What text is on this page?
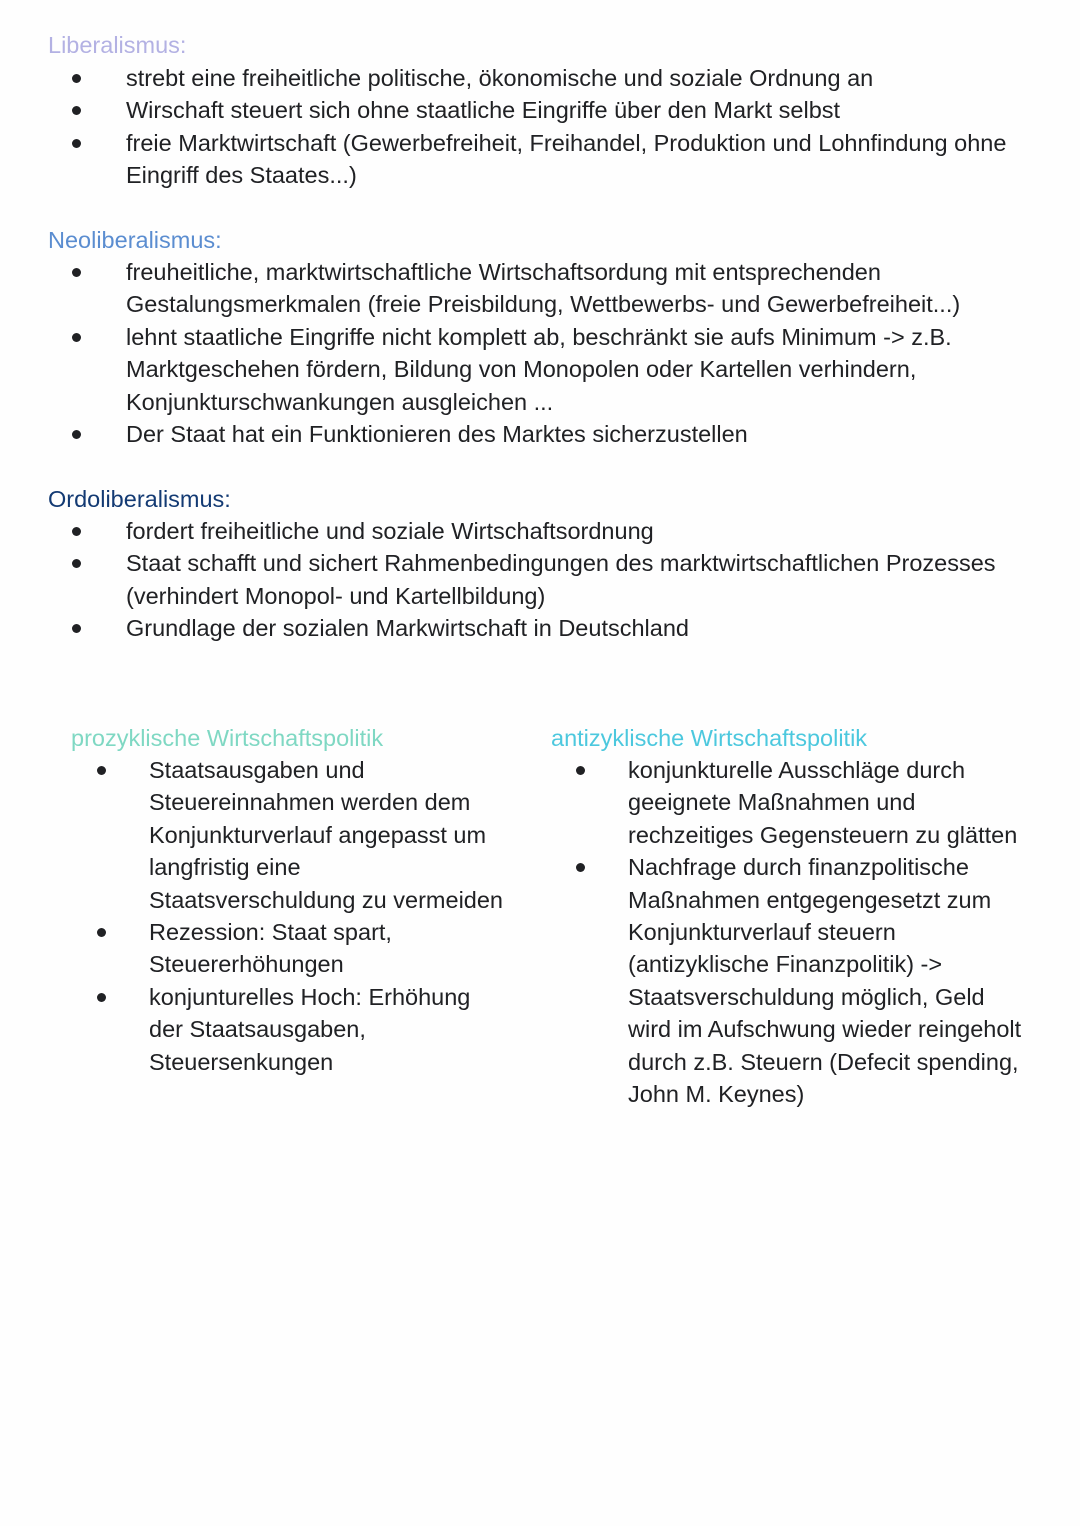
Liberalismus:
strebt eine freiheitliche politische, ökonomische und soziale Ordnung an
Wirschaft steuert sich ohne staatliche Eingriffe über den Markt selbst
freie Marktwirtschaft (Gewerbefreiheit, Freihandel, Produktion und Lohnfindung ohne Eingriff des Staates...)
Neoliberalismus:
freuheitliche, marktwirtschaftliche Wirtschaftsordung mit entsprechenden Gestalungsmerkmalen (freie Preisbildung, Wettbewerbs- und Gewerbefreiheit...)
lehnt staatliche Eingriffe nicht komplett ab, beschränkt sie aufs Minimum -> z.B. Marktgeschehen fördern, Bildung von Monopolen oder Kartellen verhindern, Konjunkturschwankungen ausgleichen ...
Der Staat hat ein Funktionieren des Marktes sicherzustellen
Ordoliberalismus:
fordert freiheitliche und soziale Wirtschaftsordnung
Staat schafft und sichert Rahmenbedingungen des marktwirtschaftlichen Prozesses (verhindert Monopol- und Kartellbildung)
Grundlage der sozialen Markwirtschaft in Deutschland
prozyklische Wirtschaftspolitik
Staatsausgaben und Steuereinnahmen werden dem Konjunkturverlauf angepasst um langfristig eine Staatsverschuldung zu vermeiden
Rezession: Staat spart, Steuererhöhungen
konjunturelles Hoch: Erhöhung der Staatsausgaben, Steuersenkungen
antizyklische Wirtschaftspolitik
konjunkturelle Ausschläge durch geeignete Maßnahmen und rechzeitiges Gegensteuern zu glätten
Nachfrage durch finanzpolitische Maßnahmen entgegengesetzt zum Konjunkturverlauf steuern (antizyklische Finanzpolitik) -> Staatsverschuldung möglich, Geld wird im Aufschwung wieder reingeholt durch z.B. Steuern (Defecit spending, John M. Keynes)
